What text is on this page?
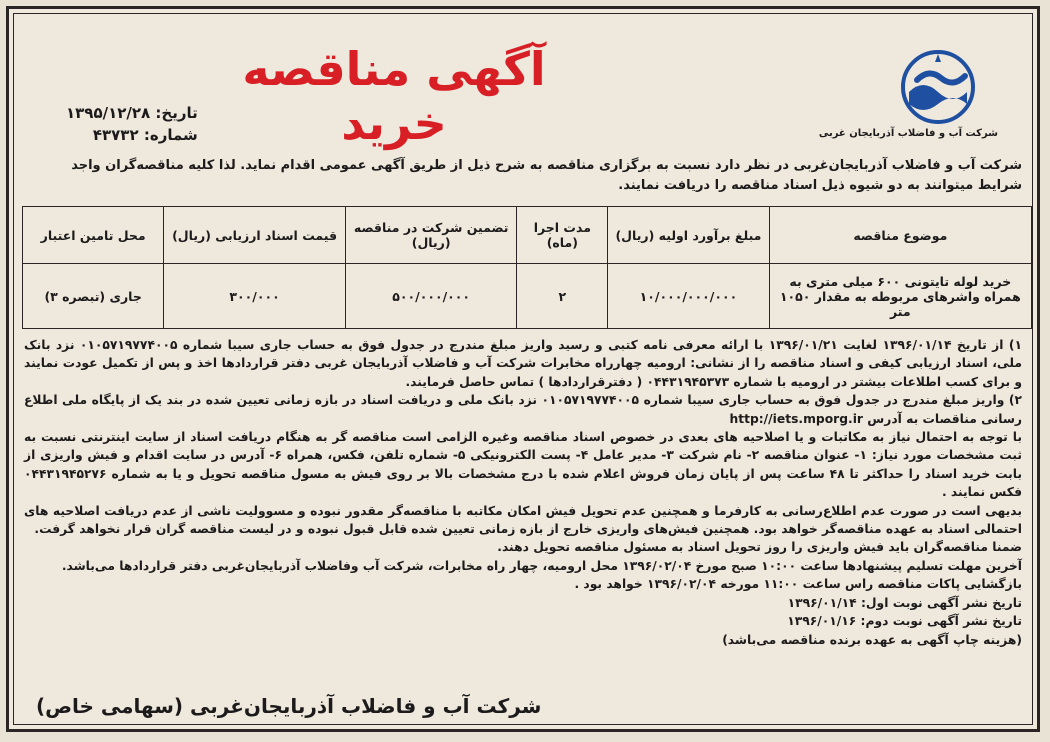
آگهی مناقصه خرید
تاریخ: ۱۳۹۵/۱۲/۲۸
شماره: ۴۳۷۳۲	شرکت آب و فاضلاب آذربایجان غربی
شرکت آب و فاضلاب آذربایجان‌غربی در نظر دارد نسبت به برگزاری مناقصه به شرح ذیل از طریق آگهی عمومی اقدام نماید. لذا کلیه مناقصه‌گران واجد شرایط میتوانند به دو شیوه ذیل اسناد مناقصه را دریافت نمایند.
موضوع مناقصه	مبلغ برآورد اولیه (ریال)	مدت اجرا (ماه)	تضمین شرکت در مناقصه (ریال)	قیمت اسناد ارزیابی (ریال)	محل تامین اعتبار
خرید لوله تایتونی ۶۰۰ میلی متری به همراه واشرهای مربوطه به مقدار ۱۰۵۰ متر	۱۰/۰۰۰/۰۰۰/۰۰۰	۲	۵۰۰/۰۰۰/۰۰۰	۳۰۰/۰۰۰	جاری (تبصره ۳)

۱) از تاریخ ۱۳۹۶/۰۱/۱۴ لغایت ۱۳۹۶/۰۱/۲۱ با ارائه معرفی نامه کتبی و رسید واریز مبلغ مندرج در جدول فوق به حساب جاری سیبا شماره ۰۱۰۵۷۱۹۷۷۴۰۰۵ نزد بانک ملی، اسناد ارزیابی کیفی و اسناد مناقصه را از نشانی: ارومیه چهارراه مخابرات شرکت آب و فاضلاب آذربایجان غربی دفتر قراردادها اخذ و پس از تکمیل عودت نمایند و برای کسب اطلاعات بیشتر در ارومیه با شماره ۰۴۴۳۱۹۴۵۳۷۳ ( دفترقراردادها ) تماس حاصل فرمایند.

۲) واریز مبلغ مندرج در جدول فوق به حساب جاری سیبا شماره ۰۱۰۵۷۱۹۷۷۴۰۰۵ نزد بانک ملی و دریافت اسناد در بازه زمانی تعیین شده در بند یک از پایگاه ملی اطلاع رسانی مناقصات به آدرس http://iets.mporg.ir

با توجه به احتمال نیاز به مکاتبات و یا اصلاحیه های بعدی در خصوص اسناد مناقصه وغیره الزامی است مناقصه گر به هنگام دریافت اسناد از سایت اینترنتی نسبت به ثبت مشخصات مورد نیاز: ۱- عنوان مناقصه ۲- نام شرکت ۳- مدیر عامل ۴- پست الکترونیکی ۵- شماره تلفن، فکس، همراه ۶- آدرس در سایت اقدام و فیش واریزی از بابت خرید اسناد را حداکثر تا ۴۸ ساعت پس از پایان زمان فروش اعلام شده با درج مشخصات بالا بر روی فیش به مسول مناقصه تحویل و یا به شماره ۰۴۴۳۱۹۴۵۲۷۶ فکس نمایند .

بدیهی است در صورت عدم اطلاع‌رسانی به کارفرما و همچنین عدم تحویل فیش امکان مکاتبه با مناقصه‌گر مقدور نبوده و مسوولیت ناشی از عدم دریافت اصلاحیه های احتمالی اسناد به عهده مناقصه‌گر خواهد بود. همچنین فیش‌های واریزی خارج از بازه زمانی تعیین شده قابل قبول نبوده و در لیست مناقصه گران قرار نخواهد گرفت.

ضمنا مناقصه‌گران باید فیش واریزی را روز تحویل اسناد به مسئول مناقصه تحویل دهند.

آخرین مهلت تسلیم پیشنهادها ساعت ۱۰:۰۰ صبح مورخ ۱۳۹۶/۰۲/۰۴ محل ارومیه، چهار راه مخابرات، شرکت آب وفاضلاب آذربایجان‌غربی دفتر قراردادها می‌باشد.

بازگشایی پاکات مناقصه راس ساعت ۱۱:۰۰ مورخه ۱۳۹۶/۰۲/۰۴ خواهد بود .

تاریخ نشر آگهی نوبت اول: ۱۳۹۶/۰۱/۱۴

تاریخ نشر آگهی نوبت دوم: ۱۳۹۶/۰۱/۱۶

(هزینه چاپ آگهی به عهده برنده مناقصه می‌باشد)

شرکت آب و فاضلاب آذربایجان‌غربی (سهامی خاص)
